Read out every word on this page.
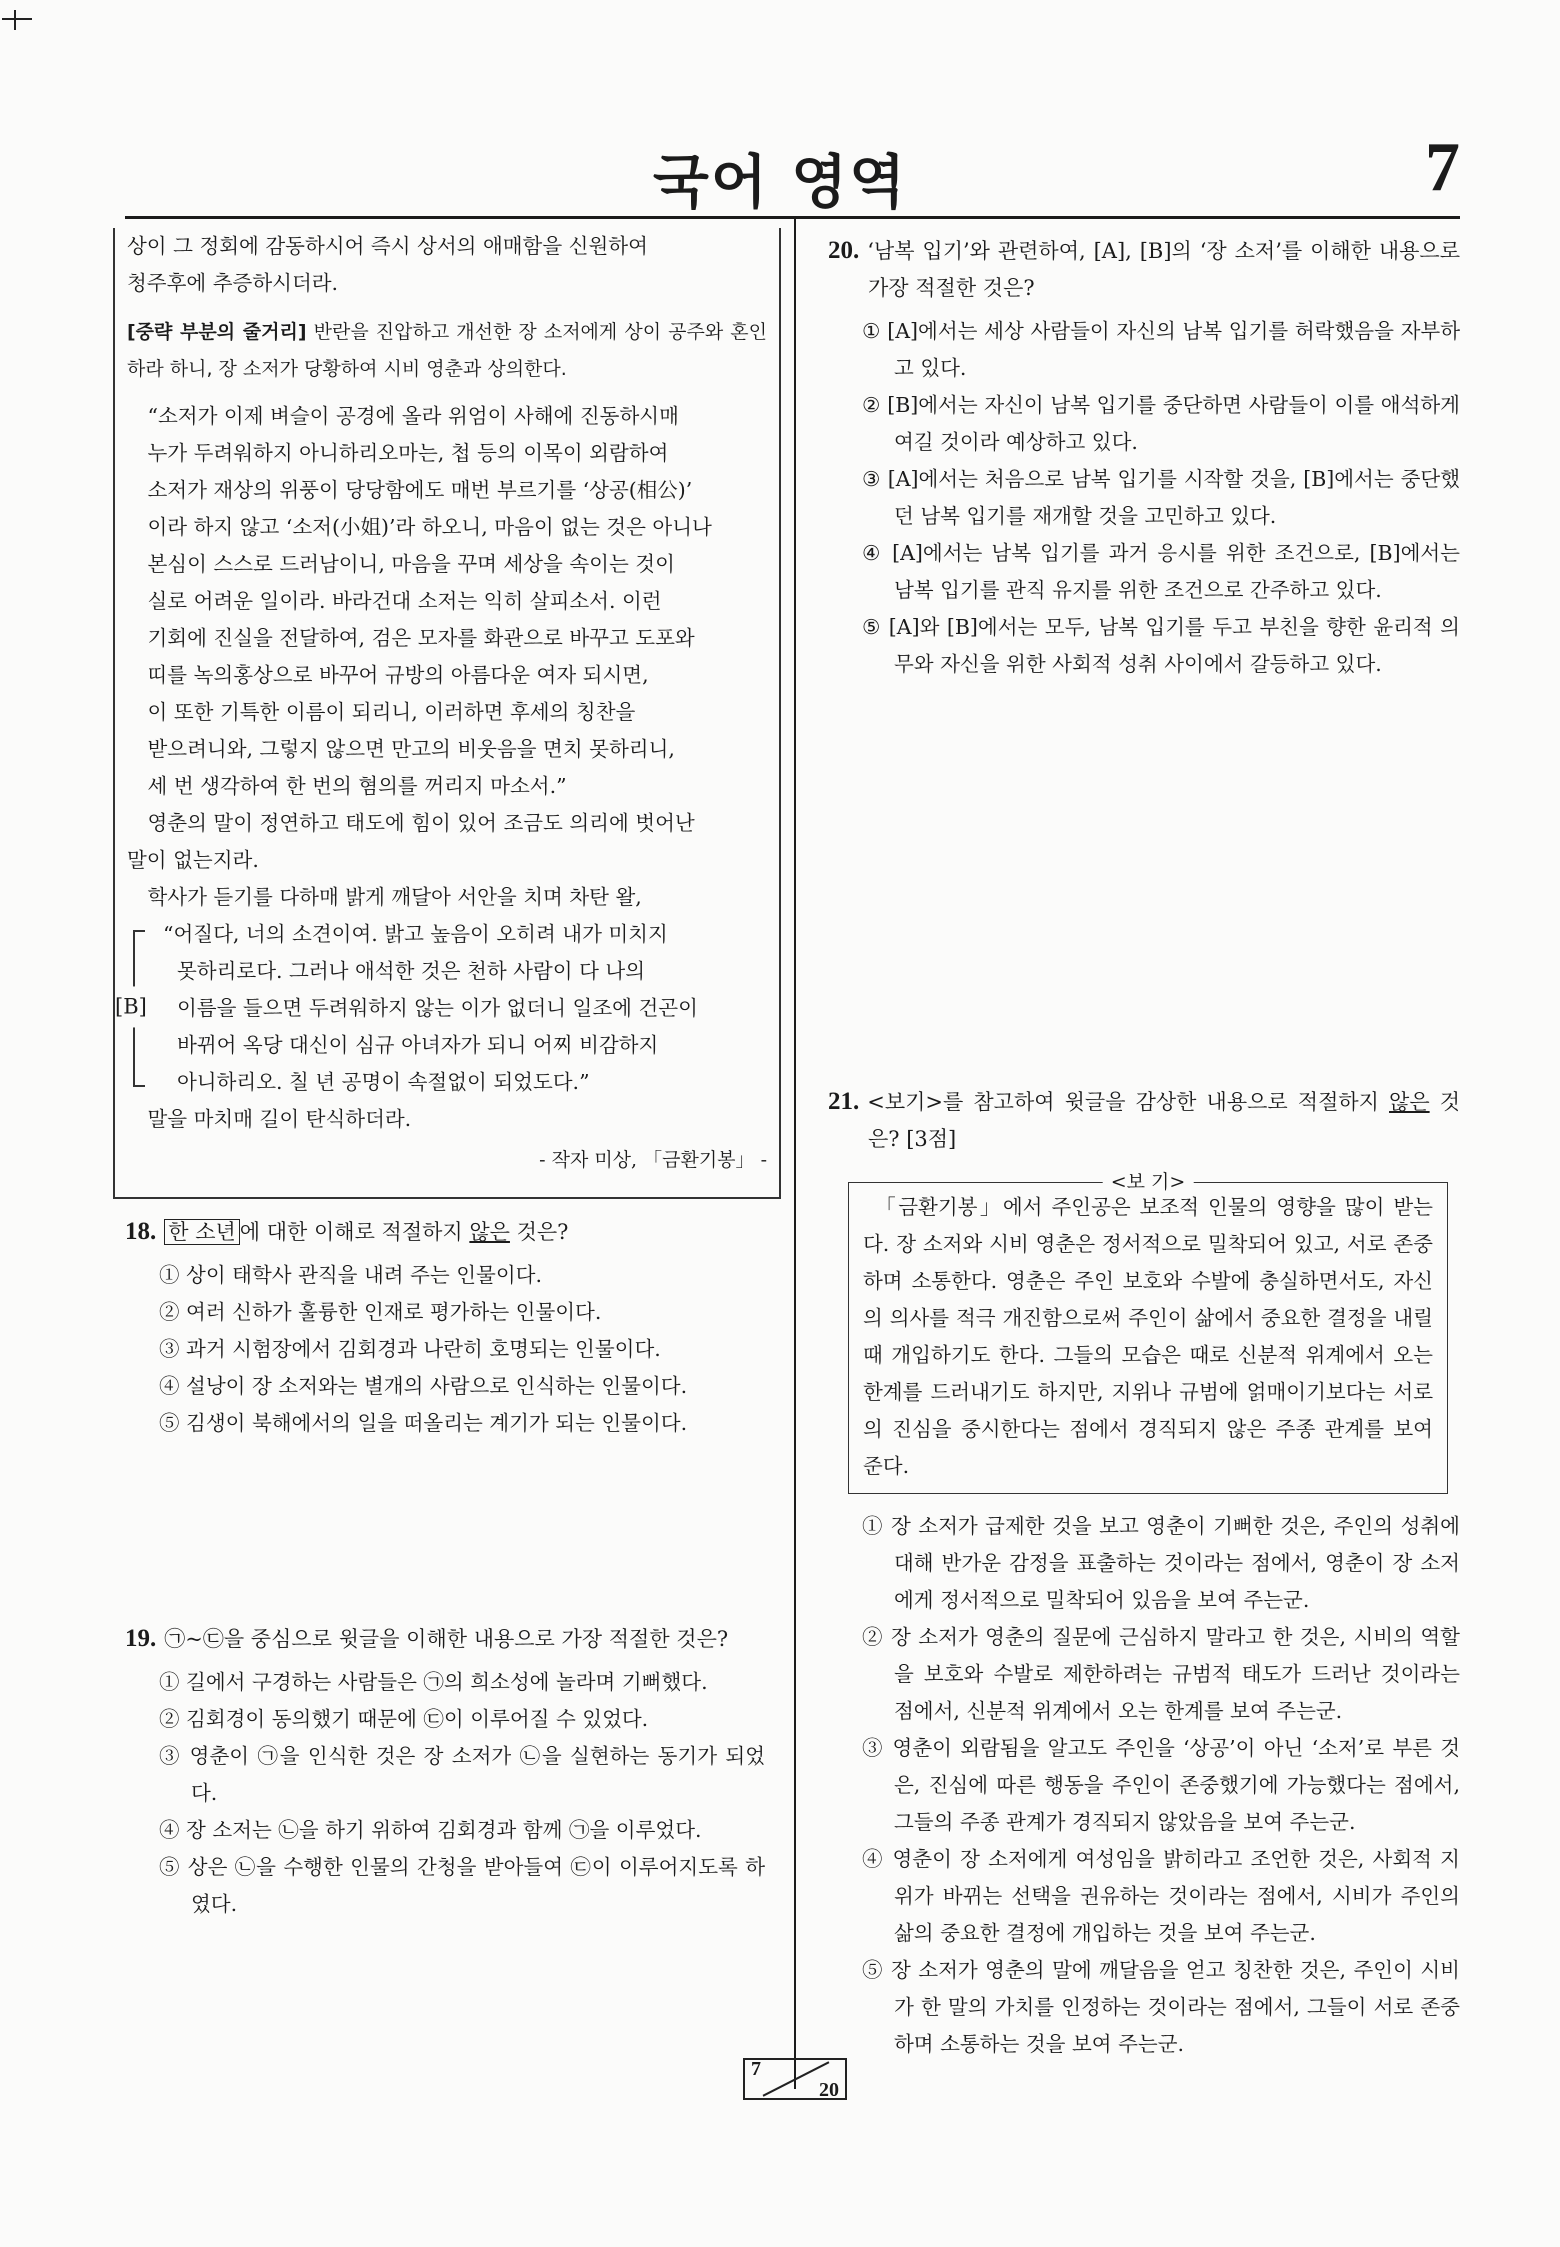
국어 영역	7

상이 그 정회에 감동하시어 즉시 상서의 애매함을 신원하여

청주후에 추증하시더라.

[중략 부분의 줄거리] 반란을 진압하고 개선한 장 소저에게 상이 공주와 혼인하라 하니, 장 소저가 당황하여 시비 영춘과 상의한다.

“소저가 이제 벼슬이 공경에 올라 위엄이 사해에 진동하시매

누가 두려워하지 아니하리오마는, 첩 등의 이목이 외람하여

소저가 재상의 위풍이 당당함에도 매번 부르기를 ‘상공(相公)’

이라 하지 않고 ‘소저(小姐)’라 하오니, 마음이 없는 것은 아니나

본심이 스스로 드러남이니, 마음을 꾸며 세상을 속이는 것이

실로 어려운 일이라. 바라건대 소저는 익히 살피소서. 이런

기회에 진실을 전달하여, 검은 모자를 화관으로 바꾸고 도포와

띠를 녹의홍상으로 바꾸어 규방의 아름다운 여자 되시면,

이 또한 기특한 이름이 되리니, 이러하면 후세의 칭찬을

받으려니와, 그렇지 않으면 만고의 비웃음을 면치 못하리니,

세 번 생각하여 한 번의 혐의를 꺼리지 마소서.”

영춘의 말이 정연하고 태도에 힘이 있어 조금도 의리에 벗어난

말이 없는지라.

학사가 듣기를 다하매 밝게 깨달아 서안을 치며 차탄 왈,

[B]

“어질다, 너의 소견이여. 밝고 높음이 오히려 내가 미치지

못하리로다. 그러나 애석한 것은 천하 사람이 다 나의

이름을 들으면 두려워하지 않는 이가 없더니 일조에 건곤이

바뀌어 옥당 대신이 심규 아녀자가 되니 어찌 비감하지

아니하리오. 칠 년 공명이 속절없이 되었도다.”

말을 마치매 길이 탄식하더라.

- 작자 미상, 「금환기봉」 -

18. 한 소년 에 대한 이해로 적절하지 않은 것은?

① 상이 태학사 관직을 내려 주는 인물이다.

② 여러 신하가 훌륭한 인재로 평가하는 인물이다.

③ 과거 시험장에서 김회경과 나란히 호명되는 인물이다.

④ 설낭이 장 소저와는 별개의 사람으로 인식하는 인물이다.

⑤ 김생이 북해에서의 일을 떠올리는 계기가 되는 인물이다.

19. ㉠~㉢을 중심으로 윗글을 이해한 내용으로 가장 적절한 것은?

① 길에서 구경하는 사람들은 ㉠의 희소성에 놀라며 기뻐했다.

② 김회경이 동의했기 때문에 ㉢이 이루어질 수 있었다.

③ 영춘이 ㉠을 인식한 것은 장 소저가 ㉡을 실현하는 동기가 되었다.

④ 장 소저는 ㉡을 하기 위하여 김회경과 함께 ㉠을 이루었다.

⑤ 상은 ㉡을 수행한 인물의 간청을 받아들여 ㉢이 이루어지도록 하였다.

20. ‘남복 입기’와 관련하여, [A], [B]의 ‘장 소저’를 이해한 내용으로 가장 적절한 것은?

① [A]에서는 세상 사람들이 자신의 남복 입기를 허락했음을 자부하고 있다.

② [B]에서는 자신이 남복 입기를 중단하면 사람들이 이를 애석하게 여길 것이라 예상하고 있다.

③ [A]에서는 처음으로 남복 입기를 시작할 것을, [B]에서는 중단했던 남복 입기를 재개할 것을 고민하고 있다.

④ [A]에서는 남복 입기를 과거 응시를 위한 조건으로, [B]에서는 남복 입기를 관직 유지를 위한 조건으로 간주하고 있다.

⑤ [A]와 [B]에서는 모두, 남복 입기를 두고 부친을 향한 윤리적 의무와 자신을 위한 사회적 성취 사이에서 갈등하고 있다.

21. <보기>를 참고하여 윗글을 감상한 내용으로 적절하지 않은 것은? [3점]

<보 기>

「금환기봉」에서 주인공은 보조적 인물의 영향을 많이 받는다. 장 소저와 시비 영춘은 정서적으로 밀착되어 있고, 서로 존중하며 소통한다. 영춘은 주인 보호와 수발에 충실하면서도, 자신의 의사를 적극 개진함으로써 주인이 삶에서 중요한 결정을 내릴 때 개입하기도 한다. 그들의 모습은 때로 신분적 위계에서 오는 한계를 드러내기도 하지만, 지위나 규범에 얽매이기보다는 서로의 진심을 중시한다는 점에서 경직되지 않은 주종 관계를 보여 준다.

① 장 소저가 급제한 것을 보고 영춘이 기뻐한 것은, 주인의 성취에 대해 반가운 감정을 표출하는 것이라는 점에서, 영춘이 장 소저에게 정서적으로 밀착되어 있음을 보여 주는군.

② 장 소저가 영춘의 질문에 근심하지 말라고 한 것은, 시비의 역할을 보호와 수발로 제한하려는 규범적 태도가 드러난 것이라는 점에서, 신분적 위계에서 오는 한계를 보여 주는군.

③ 영춘이 외람됨을 알고도 주인을 ‘상공’이 아닌 ‘소저’로 부른 것은, 진심에 따른 행동을 주인이 존중했기에 가능했다는 점에서, 그들의 주종 관계가 경직되지 않았음을 보여 주는군.

④ 영춘이 장 소저에게 여성임을 밝히라고 조언한 것은, 사회적 지위가 바뀌는 선택을 권유하는 것이라는 점에서, 시비가 주인의 삶의 중요한 결정에 개입하는 것을 보여 주는군.

⑤ 장 소저가 영춘의 말에 깨달음을 얻고 칭찬한 것은, 주인이 시비가 한 말의 가치를 인정하는 것이라는 점에서, 그들이 서로 존중하며 소통하는 것을 보여 주는군.

7
20
